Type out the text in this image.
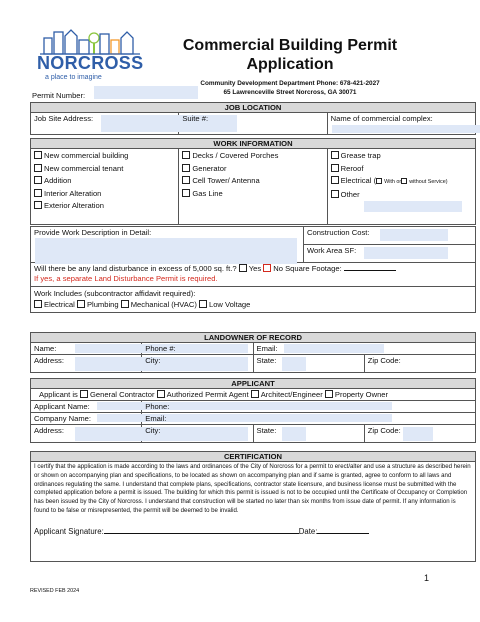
NORCROSS
a place to imagine
Commercial Building Permit
Application
Community Development Department Phone: 678-421-2027
65 Lawrenceville Street Norcross, GA 30071
Permit Number:
JOB LOCATION
Job Site Address:	Suite #:	Name of commercial complex:
WORK INFORMATION

New commercial building
New commercial tenant
Addition
Interior Alteration
Exterior Alteration

Decks / Covered Porches
Generator
Cell Tower/ Antenna
Gas Line

Grease trap
Reroof
Electrical ( With or without Service)
Other
Provide Work Description in Detail:	Construction Cost:

Work Area SF:

Will there be any land disturbance in excess of 5,000 sq. ft.? Yes No Square Footage:
If yes, a separate Land Disturbance Permit is required.

Work Includes (subcontractor affidavit required):
Electrical Plumbing Mechanical (HVAC) Low Voltage
LANDOWNER OF RECORD			
Name:	Phone #:	Email:	

Address:	City:	State:	Zip Code:
APPLICANT			
Applicant is General Contractor Authorized Permit Agent Architect/Engineer Property Owner			
Applicant Name:	Phone:		

Company Name:	Email:		

Address:	City:	State:	Zip Code:
CERTIFICATION

I certify that the application is made according to the laws and ordinances of the City of Norcross for a permit to erect/alter and use a structure as described herein or shown on accompanying plan and specifications, to be located as shown on accompanying plan and if same is granted, agree to conform to all laws and ordinances regulating the same. I understand that complete plans, specifications, contractor state licensure, and business license must be submitted with the completed application before a permit is issued. The building for which this permit is issued is not to be occupied until the Certificate of Occupancy or Completion has been issued by the City of Norcross. I understand that construction will be started no later than six months from issue date of permit. If any information is found to be false or misrepresented, the permit will be deemed to be invalid.
Applicant Signature:	Date:
1
REVISED FEB 2024
